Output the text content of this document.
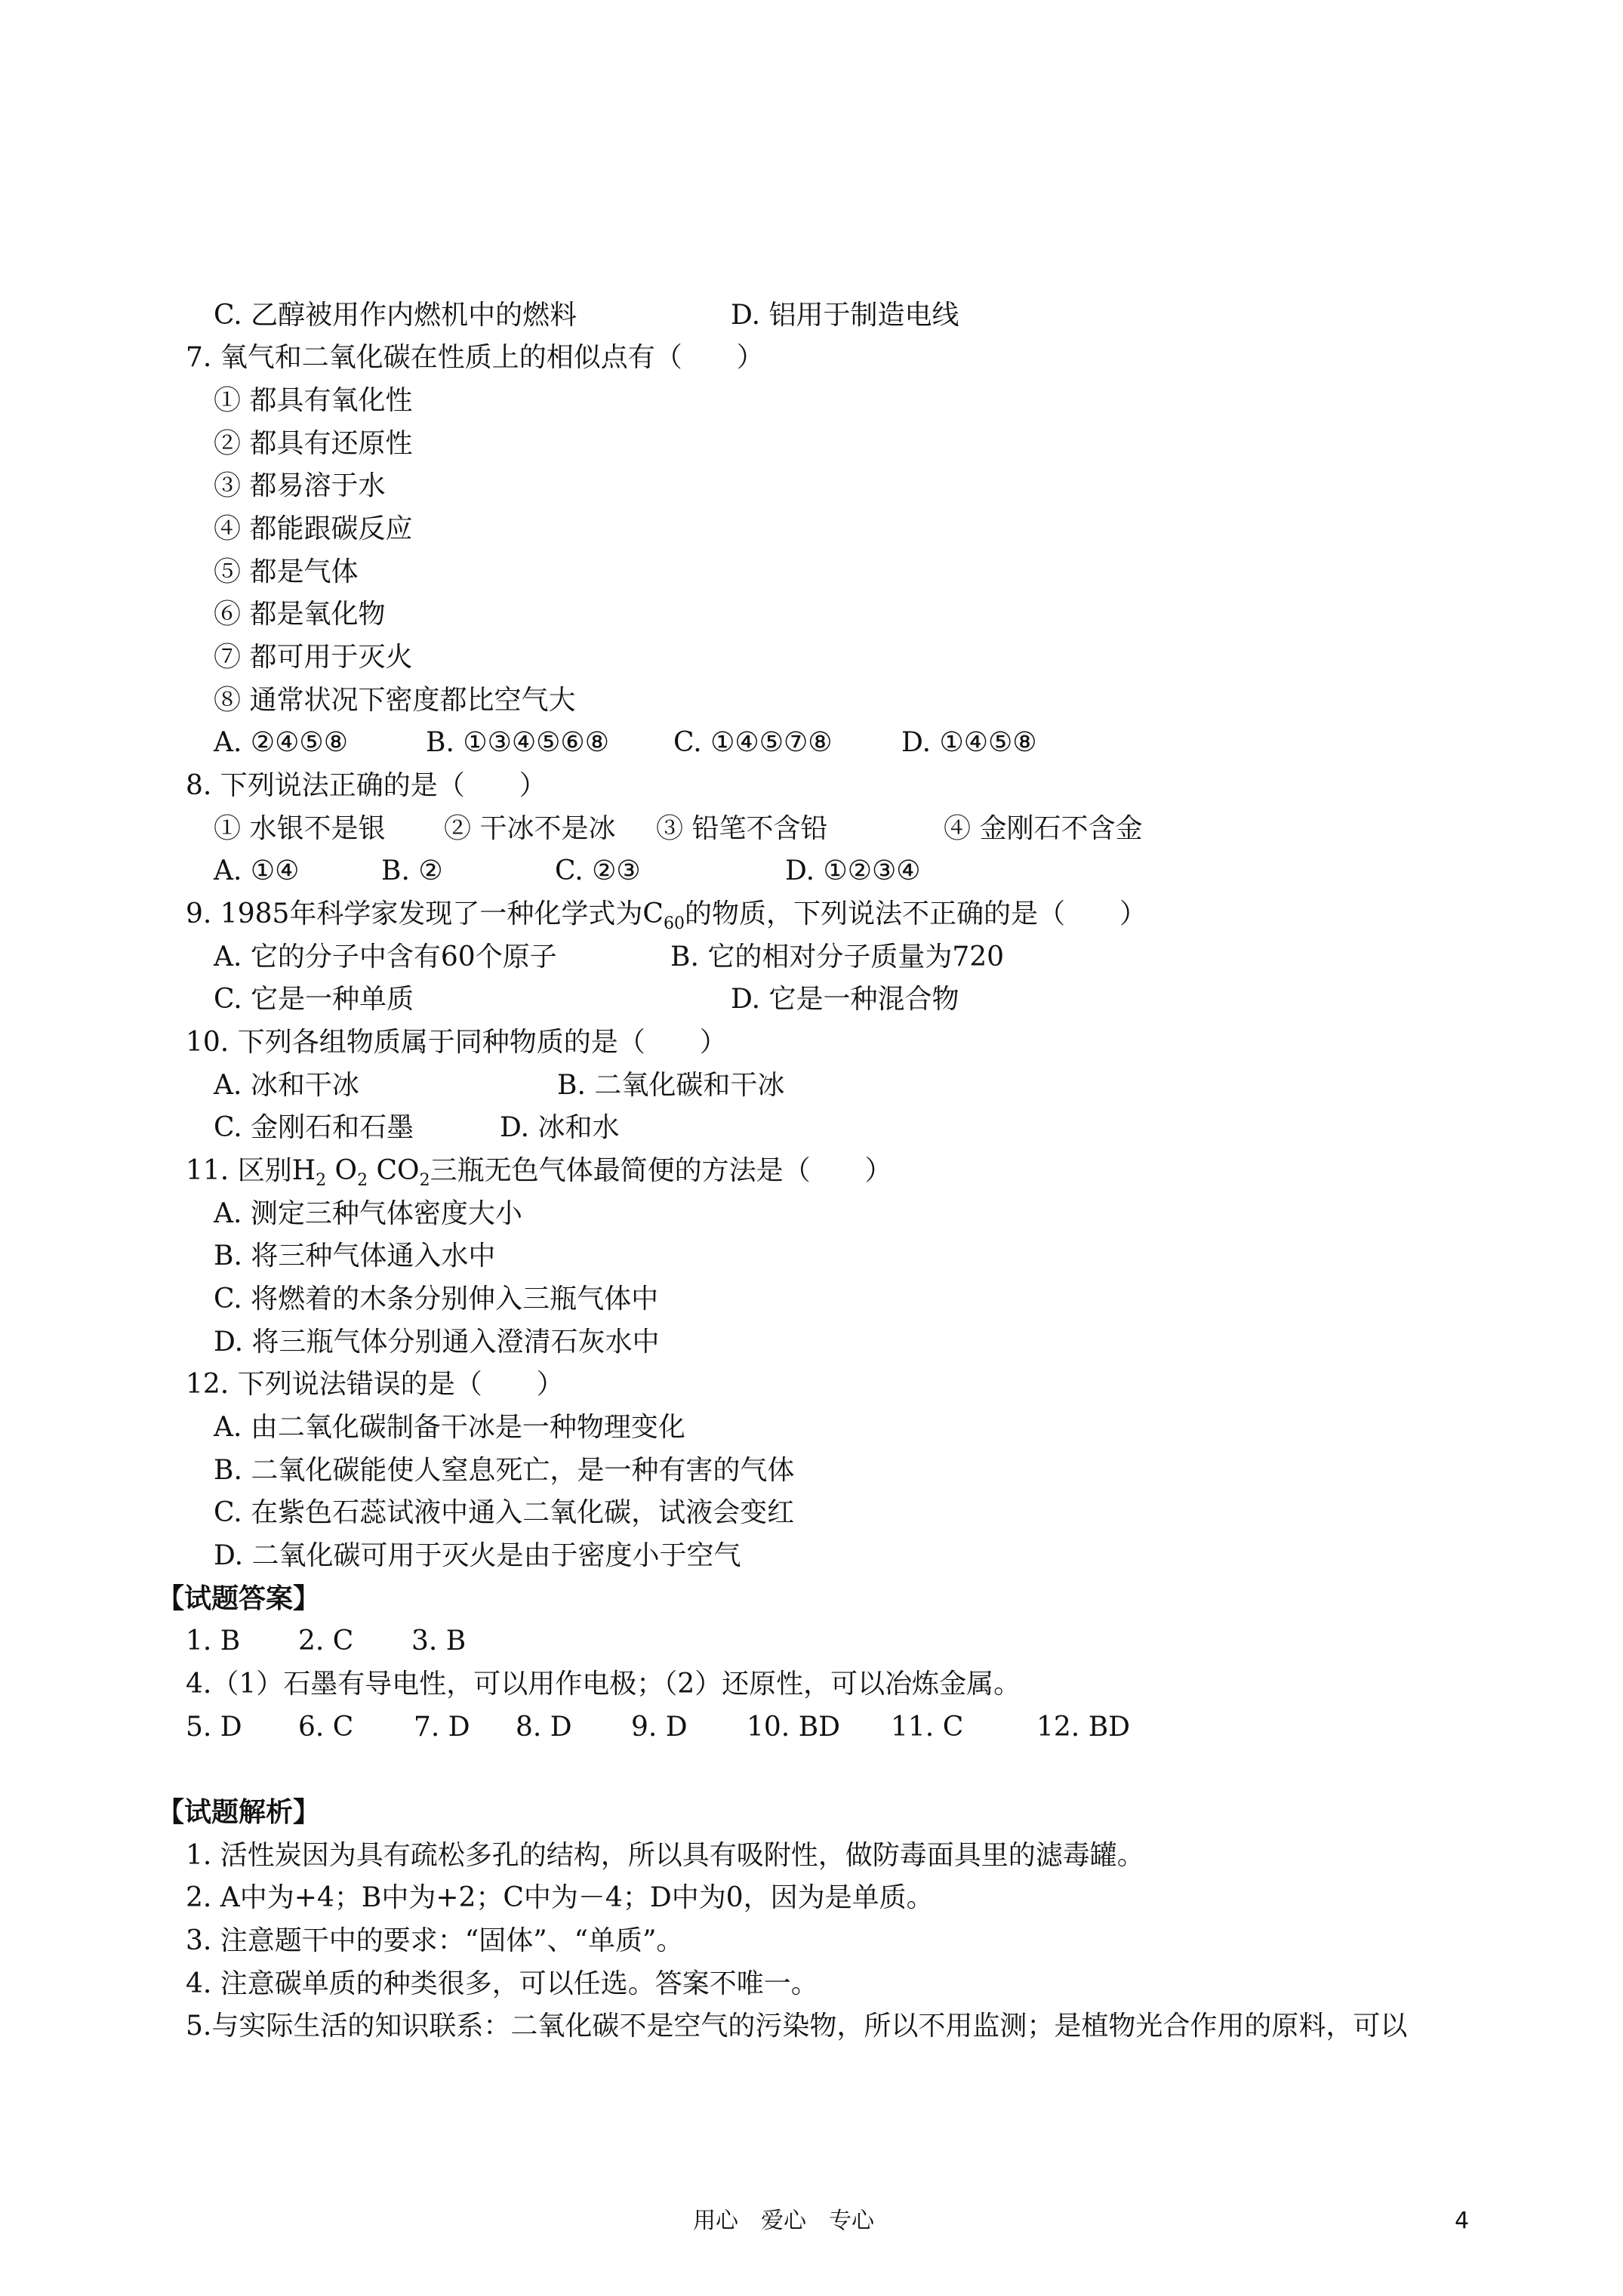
C. 乙醇被用作内燃机中的燃料	D. 铝用于制造电线
7. 氧气和二氧化碳在性质上的相似点有（　　）
① 都具有氧化性
② 都具有还原性
③ 都易溶于水
④ 都能跟碳反应
⑤ 都是气体
⑥ 都是氧化物
⑦ 都可用于灭火
⑧ 通常状况下密度都比空气大
A. ②④⑤⑧	B. ①③④⑤⑥⑧ C. ①④⑤⑦⑧	D. ①④⑤⑧
8. 下列说法正确的是（　　）
① 水银不是银 ② 干冰不是冰 ③ 铅笔不含铅	④ 金刚石不含金
A. ①④	B. ②	C. ②③	D. ①②③④
9. 1985年科学家发现了一种化学式为$C_{60}$的物质，下列说法不正确的是（　　）
A. 它的分子中含有60个原子	B. 它的相对分子质量为720
C. 它是一种单质	D. 它是一种混合物
10. 下列各组物质属于同种物质的是（　　）
A. 冰和干冰	B. 二氧化碳和干冰
C. 金刚石和石墨	D. 冰和水
11. 区别$H_2$ $O_2$ $CO_2$三瓶无色气体最简便的方法是（　　）
A. 测定三种气体密度大小
B. 将三种气体通入水中
C. 将燃着的木条分别伸入三瓶气体中
D. 将三瓶气体分别通入澄清石灰水中
12. 下列说法错误的是（　　）
A. 由二氧化碳制备干冰是一种物理变化
B. 二氧化碳能使人窒息死亡，是一种有害的气体
C. 在紫色石蕊试液中通入二氧化碳，试液会变红
D. 二氧化碳可用于灭火是由于密度小于空气
【试题答案】
1. B 2. C 3. B
4.（1）石墨有导电性，可以用作电极；（2）还原性，可以冶炼金属。
5. D 6. C 7. D 8. D 9. D 10. BD 11. C	12. BD
【试题解析】
1. 活性炭因为具有疏松多孔的结构，所以具有吸附性，做防毒面具里的滤毒罐。
2. A中为+4；B中为+2；C中为－4；D中为0，因为是单质。
3. 注意题干中的要求：“固体”、“单质”。
4. 注意碳单质的种类很多，可以任选。答案不唯一。
5.与实际生活的知识联系：二氧化碳不是空气的污染物，所以不用监测；是植物光合作用的原料，可以
用心　爱心　专心	4
